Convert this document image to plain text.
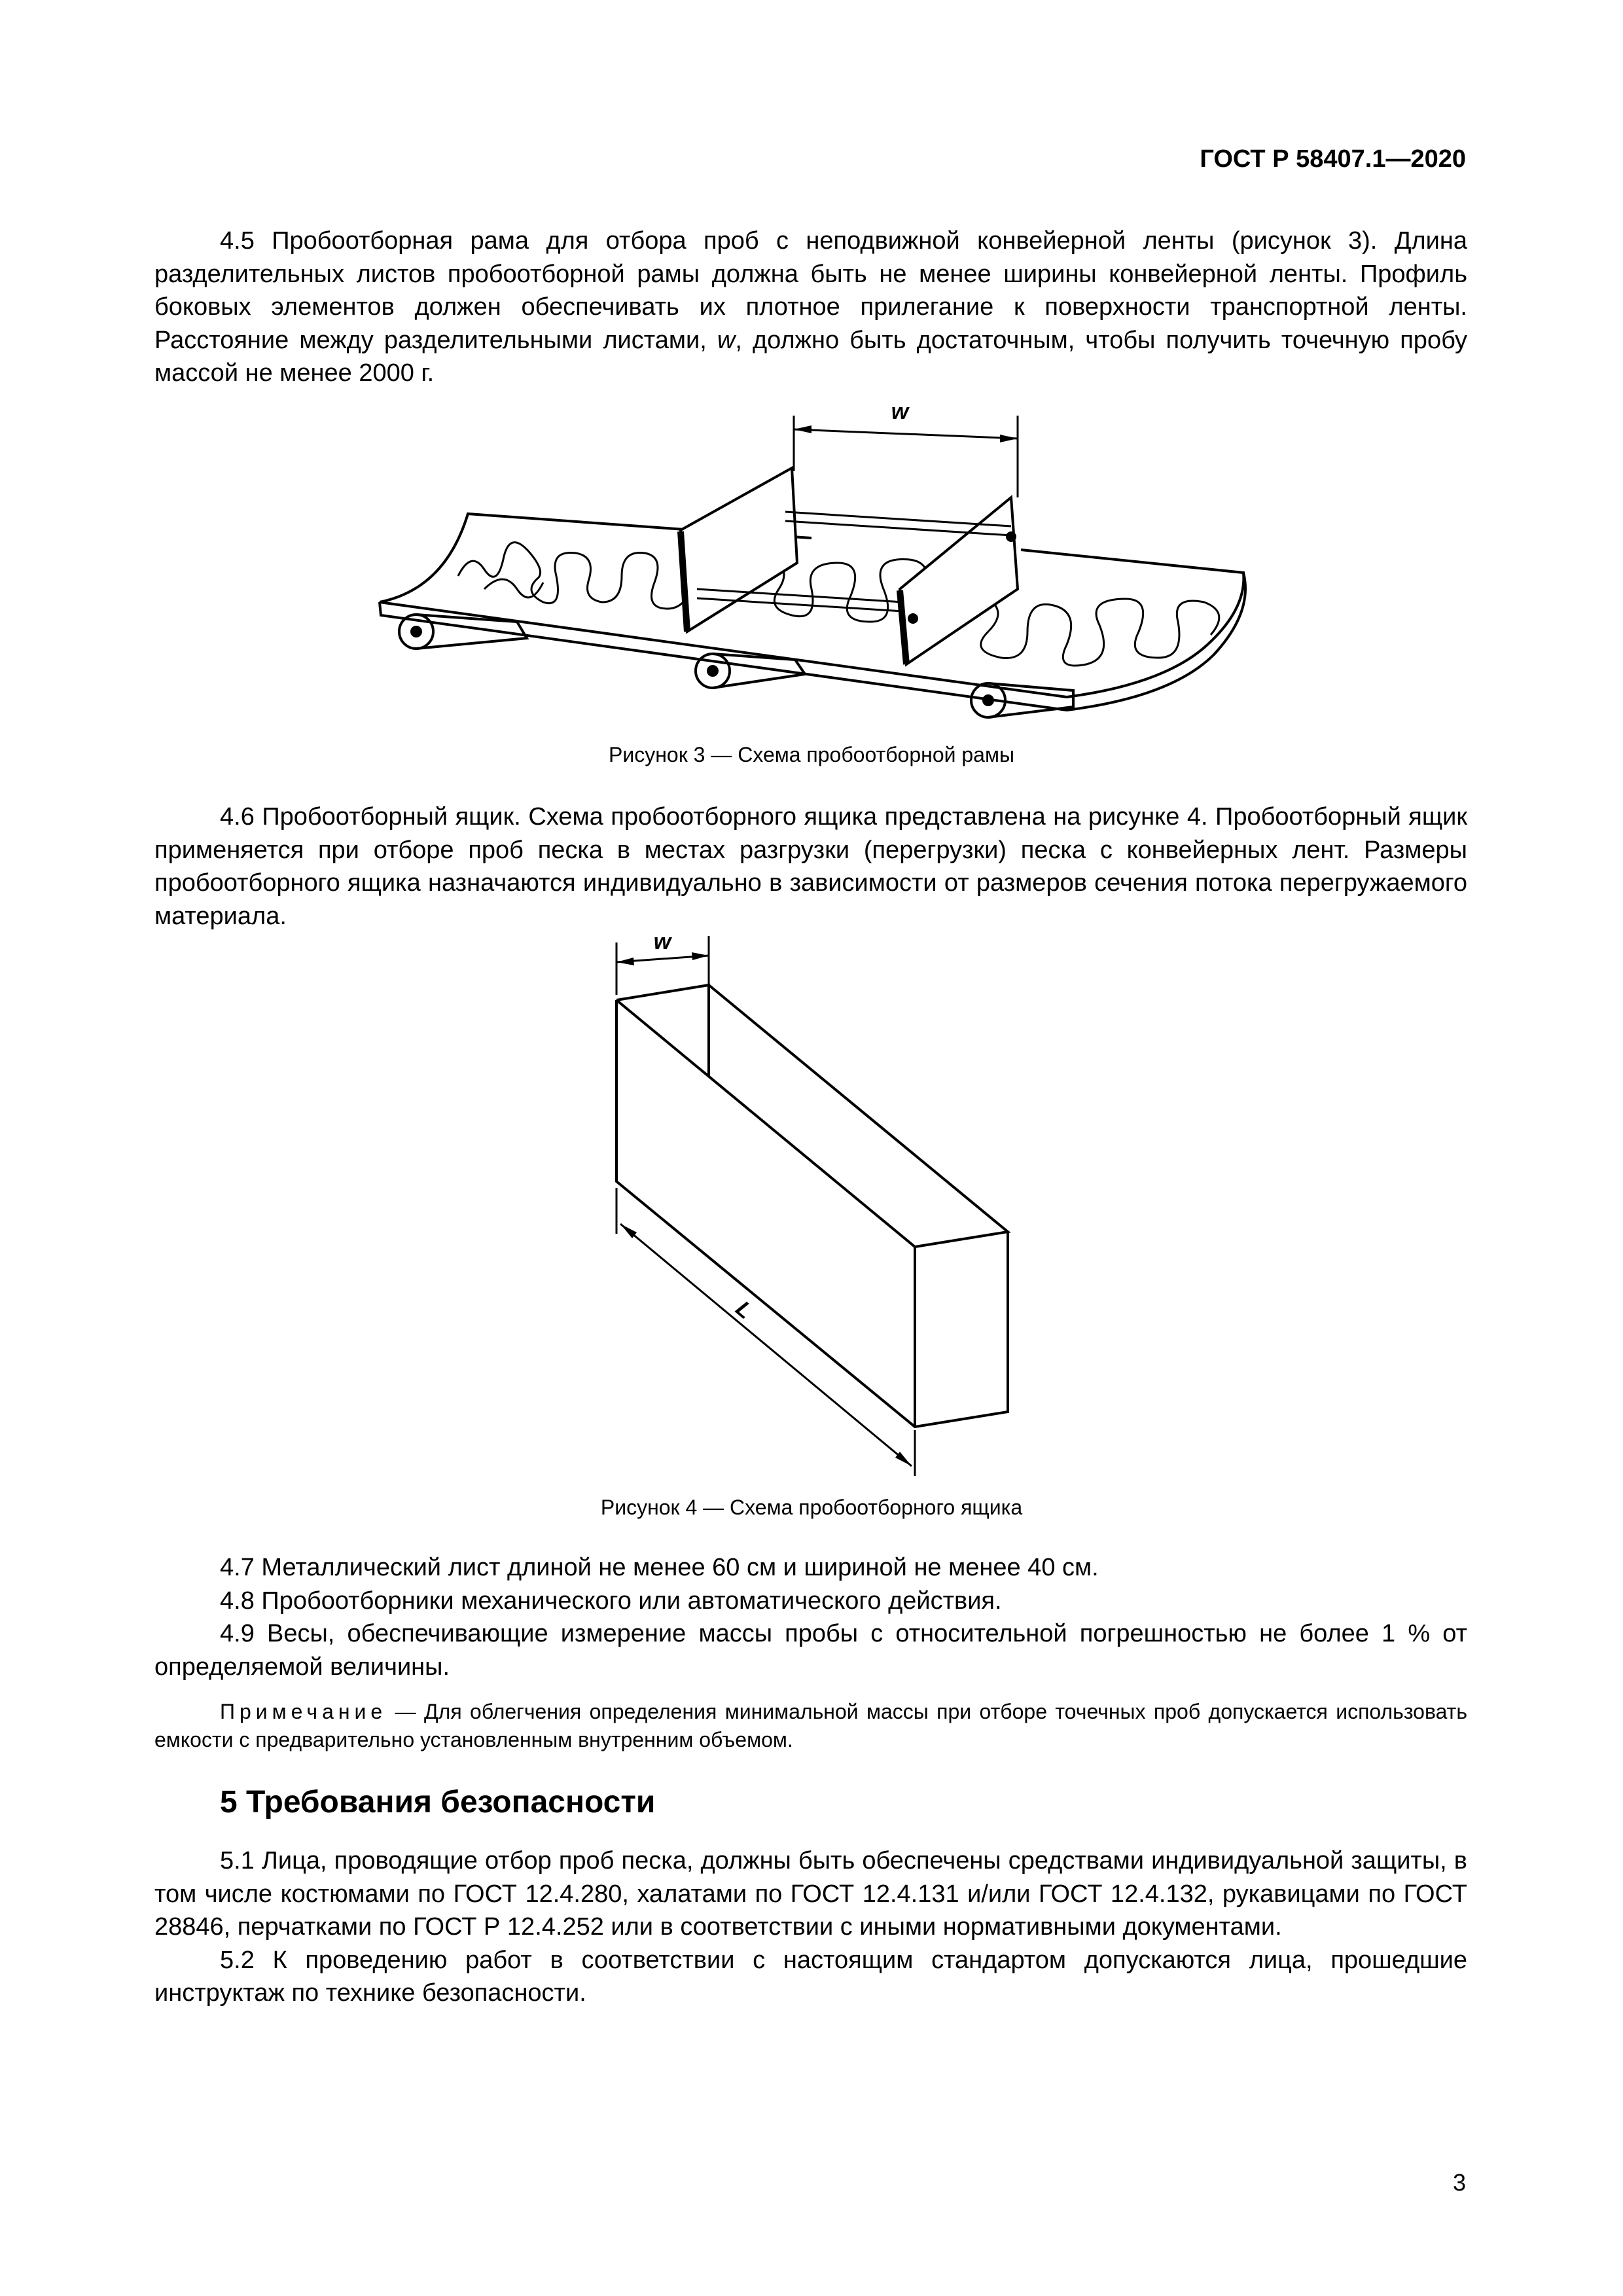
ГОСТ Р 58407.1—2020

4.5 Пробоотборная рама для отбора проб с неподвижной конвейерной ленты (рисунок 3). Длина разделительных листов пробоотборной рамы должна быть не менее ширины конвейерной ленты. Профиль боковых элементов должен обеспечивать их плотное прилегание к поверхности транспортной ленты. Расстояние между разделительными листами, w, должно быть достаточным, чтобы получить точечную пробу массой не менее 2000 г.

w
Рисунок 3 — Схема пробоотборной рамы

4.6 Пробоотборный ящик. Схема пробоотборного ящика представлена на рисунке 4. Пробоотборный ящик применяется при отборе проб песка в местах разгрузки (перегрузки) песка с конвейерных лент. Размеры пробоотборного ящика назначаются индивидуально в зависимости от размеров сечения потока перегружаемого материала.

w
L
Рисунок 4 — Схема пробоотборного ящика

4.7 Металлический лист длиной не менее 60 см и шириной не менее 40 см.

4.8 Пробоотборники механического или автоматического действия.

4.9 Весы, обеспечивающие измерение массы пробы с относительной погрешностью не более 1 % от определяемой величины.

Примечание — Для облегчения определения минимальной массы при отборе точечных проб допускается использовать емкости с предварительно установленным внутренним объемом.

5 Требования безопасности

5.1 Лица, проводящие отбор проб песка, должны быть обеспечены средствами индивидуальной защиты, в том числе костюмами по ГОСТ 12.4.280, халатами по ГОСТ 12.4.131 и/или ГОСТ 12.4.132, рукавицами по ГОСТ 28846, перчатками по ГОСТ Р 12.4.252 или в соответствии с иными нормативными документами.

5.2 К проведению работ в соответствии с настоящим стандартом допускаются лица, прошедшие инструктаж по технике безопасности.

3
